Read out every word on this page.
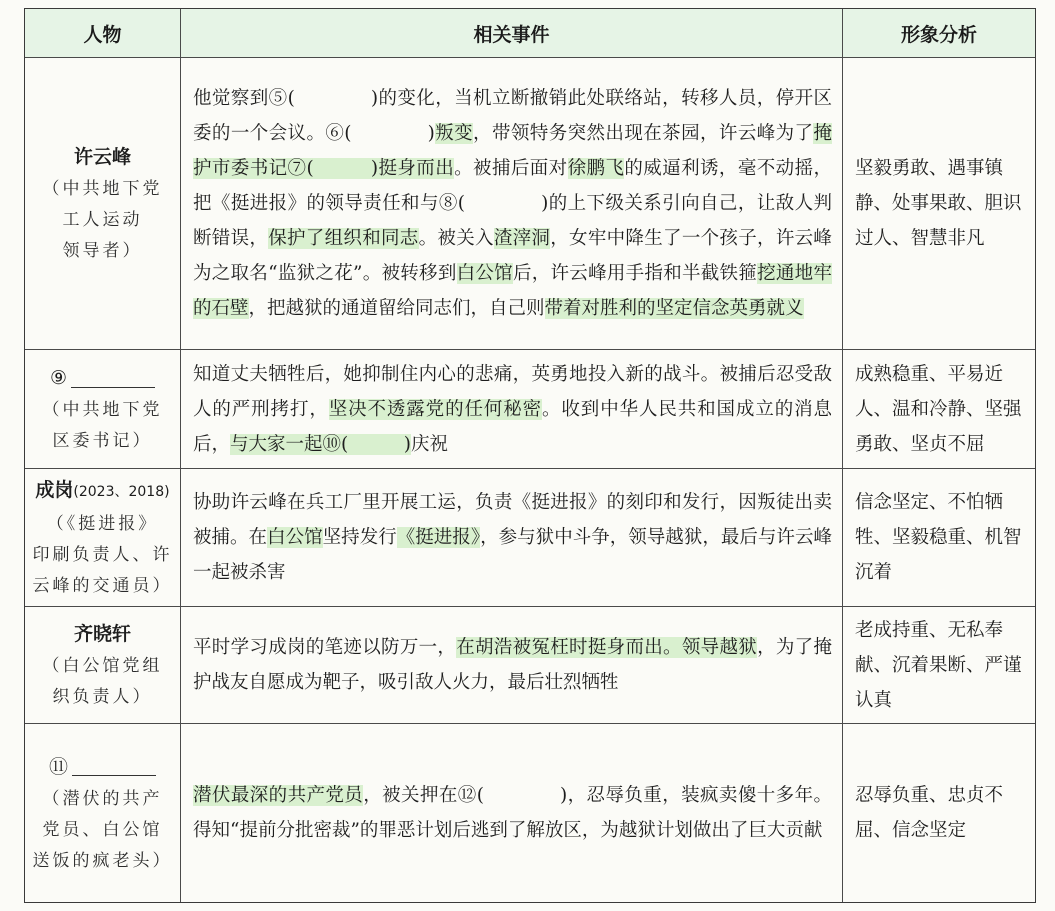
人物	相关事件	形象分析
许云峰
（中共地下党
工人运动
领导者）

他觉察到⑤(　　　　)的变化，当机立断撤销此处联络站，转移人员，停开区委的一个会议。⑥(　　　　)叛变，带领特务突然出现在茶园，许云峰为了掩护市委书记⑦(　　　)挺身而出。被捕后面对徐鹏飞的威逼利诱，毫不动摇，把《挺进报》的领导责任和与⑧(　　　　)的上下级关系引向自己，让敌人判断错误，保护了组织和同志。被关入渣滓洞，女牢中降生了一个孩子，许云峰为之取名“监狱之花”。被转移到白公馆后，许云峰用手指和半截铁箍挖通地牢的石壁，把越狱的通道留给同志们，自己则带着对胜利的坚定信念英勇就义

坚毅勇敢、遇事镇静、处事果敢、胆识过人、智慧非凡

⑨
（中共地下党
区委书记）

知道丈夫牺牲后，她抑制住内心的悲痛，英勇地投入新的战斗。被捕后忍受敌人的严刑拷打，坚决不透露党的任何秘密。收到中华人民共和国成立的消息后，与大家一起⑩(　　　)庆祝

成熟稳重、平易近人、温和冷静、坚强勇敢、坚贞不屈

成岗(2023、2018)
（《挺进报》
印刷负责人、许
云峰的交通员）

协助许云峰在兵工厂里开展工运，负责《挺进报》的刻印和发行，因叛徒出卖被捕。在白公馆坚持发行《挺进报》，参与狱中斗争，领导越狱，最后与许云峰一起被杀害

信念坚定、不怕牺牲、坚毅稳重、机智沉着

齐晓轩
（白公馆党组
织负责人）

平时学习成岗的笔迹以防万一，在胡浩被冤枉时挺身而出。领导越狱，为了掩护战友自愿成为靶子，吸引敌人火力，最后壮烈牺牲

老成持重、无私奉献、沉着果断、严谨认真

⑪
（潜伏的共产
党员、白公馆
送饭的疯老头）

潜伏最深的共产党员，被关押在⑫(　　　　)，忍辱负重，装疯卖傻十多年。得知“提前分批密裁”的罪恶计划后逃到了解放区，为越狱计划做出了巨大贡献

忍辱负重、忠贞不屈、信念坚定
